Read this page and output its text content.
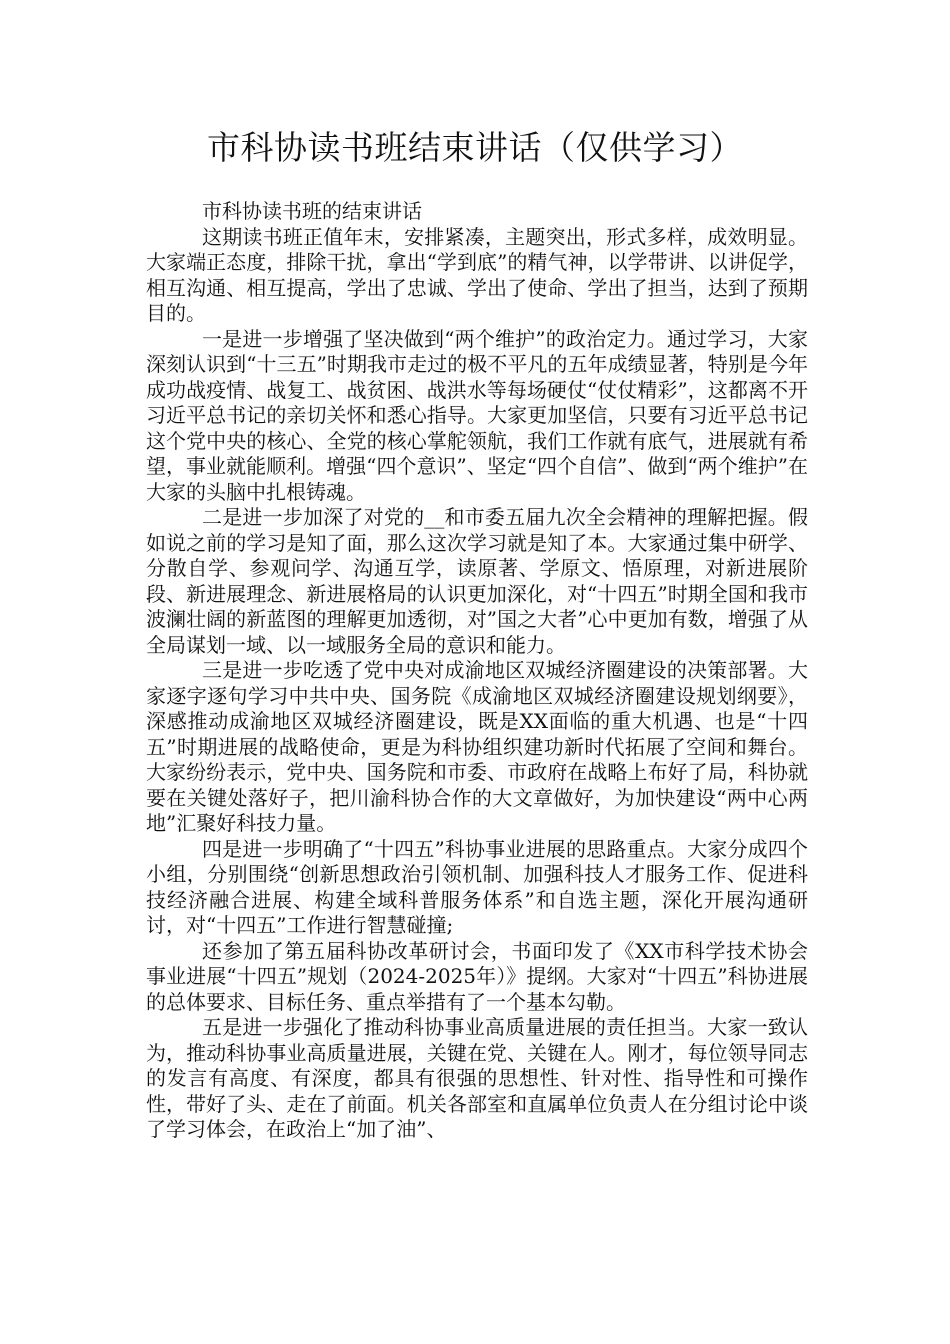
市科协读书班结束讲话（仅供学习）

市科协读书班的结束讲话

这期读书班正值年末，安排紧凑，主题突出，形式多样，成效明显。大家端正态度，排除干扰，拿出“学到底”的精气神，以学带讲、以讲促学，相互沟通、相互提高，学出了忠诚、学出了使命、学出了担当，达到了预期目的。

一是进一步增强了坚决做到“两个维护”的政治定力。通过学习，大家深刻认识到“十三五”时期我市走过的极不平凡的五年成绩显著，特别是今年成功战疫情、战复工、战贫困、战洪水等每场硬仗“仗仗精彩”，这都离不开习近平总书记的亲切关怀和悉心指导。大家更加坚信，只要有习近平总书记这个党中央的核心、全党的核心掌舵领航，我们工作就有底气，进展就有希望，事业就能顺利。增强“四个意识”、坚定“四个自信”、做到“两个维护”在大家的头脑中扎根铸魂。

二是进一步加深了对党的__和市委五届九次全会精神的理解把握。假如说之前的学习是知了面，那么这次学习就是知了本。大家通过集中研学、分散自学、参观问学、沟通互学，读原著、学原文、悟原理，对新进展阶段、新进展理念、新进展格局的认识更加深化，对“十四五”时期全国和我市波澜壮阔的新蓝图的理解更加透彻，对”国之大者”心中更加有数，增强了从全局谋划一域、以一域服务全局的意识和能力。

三是进一步吃透了党中央对成渝地区双城经济圈建设的决策部署。大家逐字逐句学习中共中央、国务院《成渝地区双城经济圈建设规划纲要》，深感推动成渝地区双城经济圈建设，既是XX面临的重大机遇、也是“十四五”时期进展的战略使命，更是为科协组织建功新时代拓展了空间和舞台。大家纷纷表示，党中央、国务院和市委、市政府在战略上布好了局，科协就要在关键处落好子，把川渝科协合作的大文章做好，为加快建设“两中心两地”汇聚好科技力量。

四是进一步明确了“十四五”科协事业进展的思路重点。大家分成四个小组，分别围绕“创新思想政治引领机制、加强科技人才服务工作、促进科技经济融合进展、构建全域科普服务体系”和自选主题，深化开展沟通研讨，对“十四五”工作进行智慧碰撞;

还参加了第五届科协改革研讨会，书面印发了《XX市科学技术协会事业进展“十四五”规划（2024-2025年）》提纲。大家对“十四五”科协进展的总体要求、目标任务、重点举措有了一个基本勾勒。

五是进一步强化了推动科协事业高质量进展的责任担当。大家一致认为，推动科协事业高质量进展，关键在党、关键在人。刚才，每位领导同志的发言有高度、有深度，都具有很强的思想性、针对性、指导性和可操作性，带好了头、走在了前面。机关各部室和直属单位负责人在分组讨论中谈了学习体会，在政治上“加了油”、
